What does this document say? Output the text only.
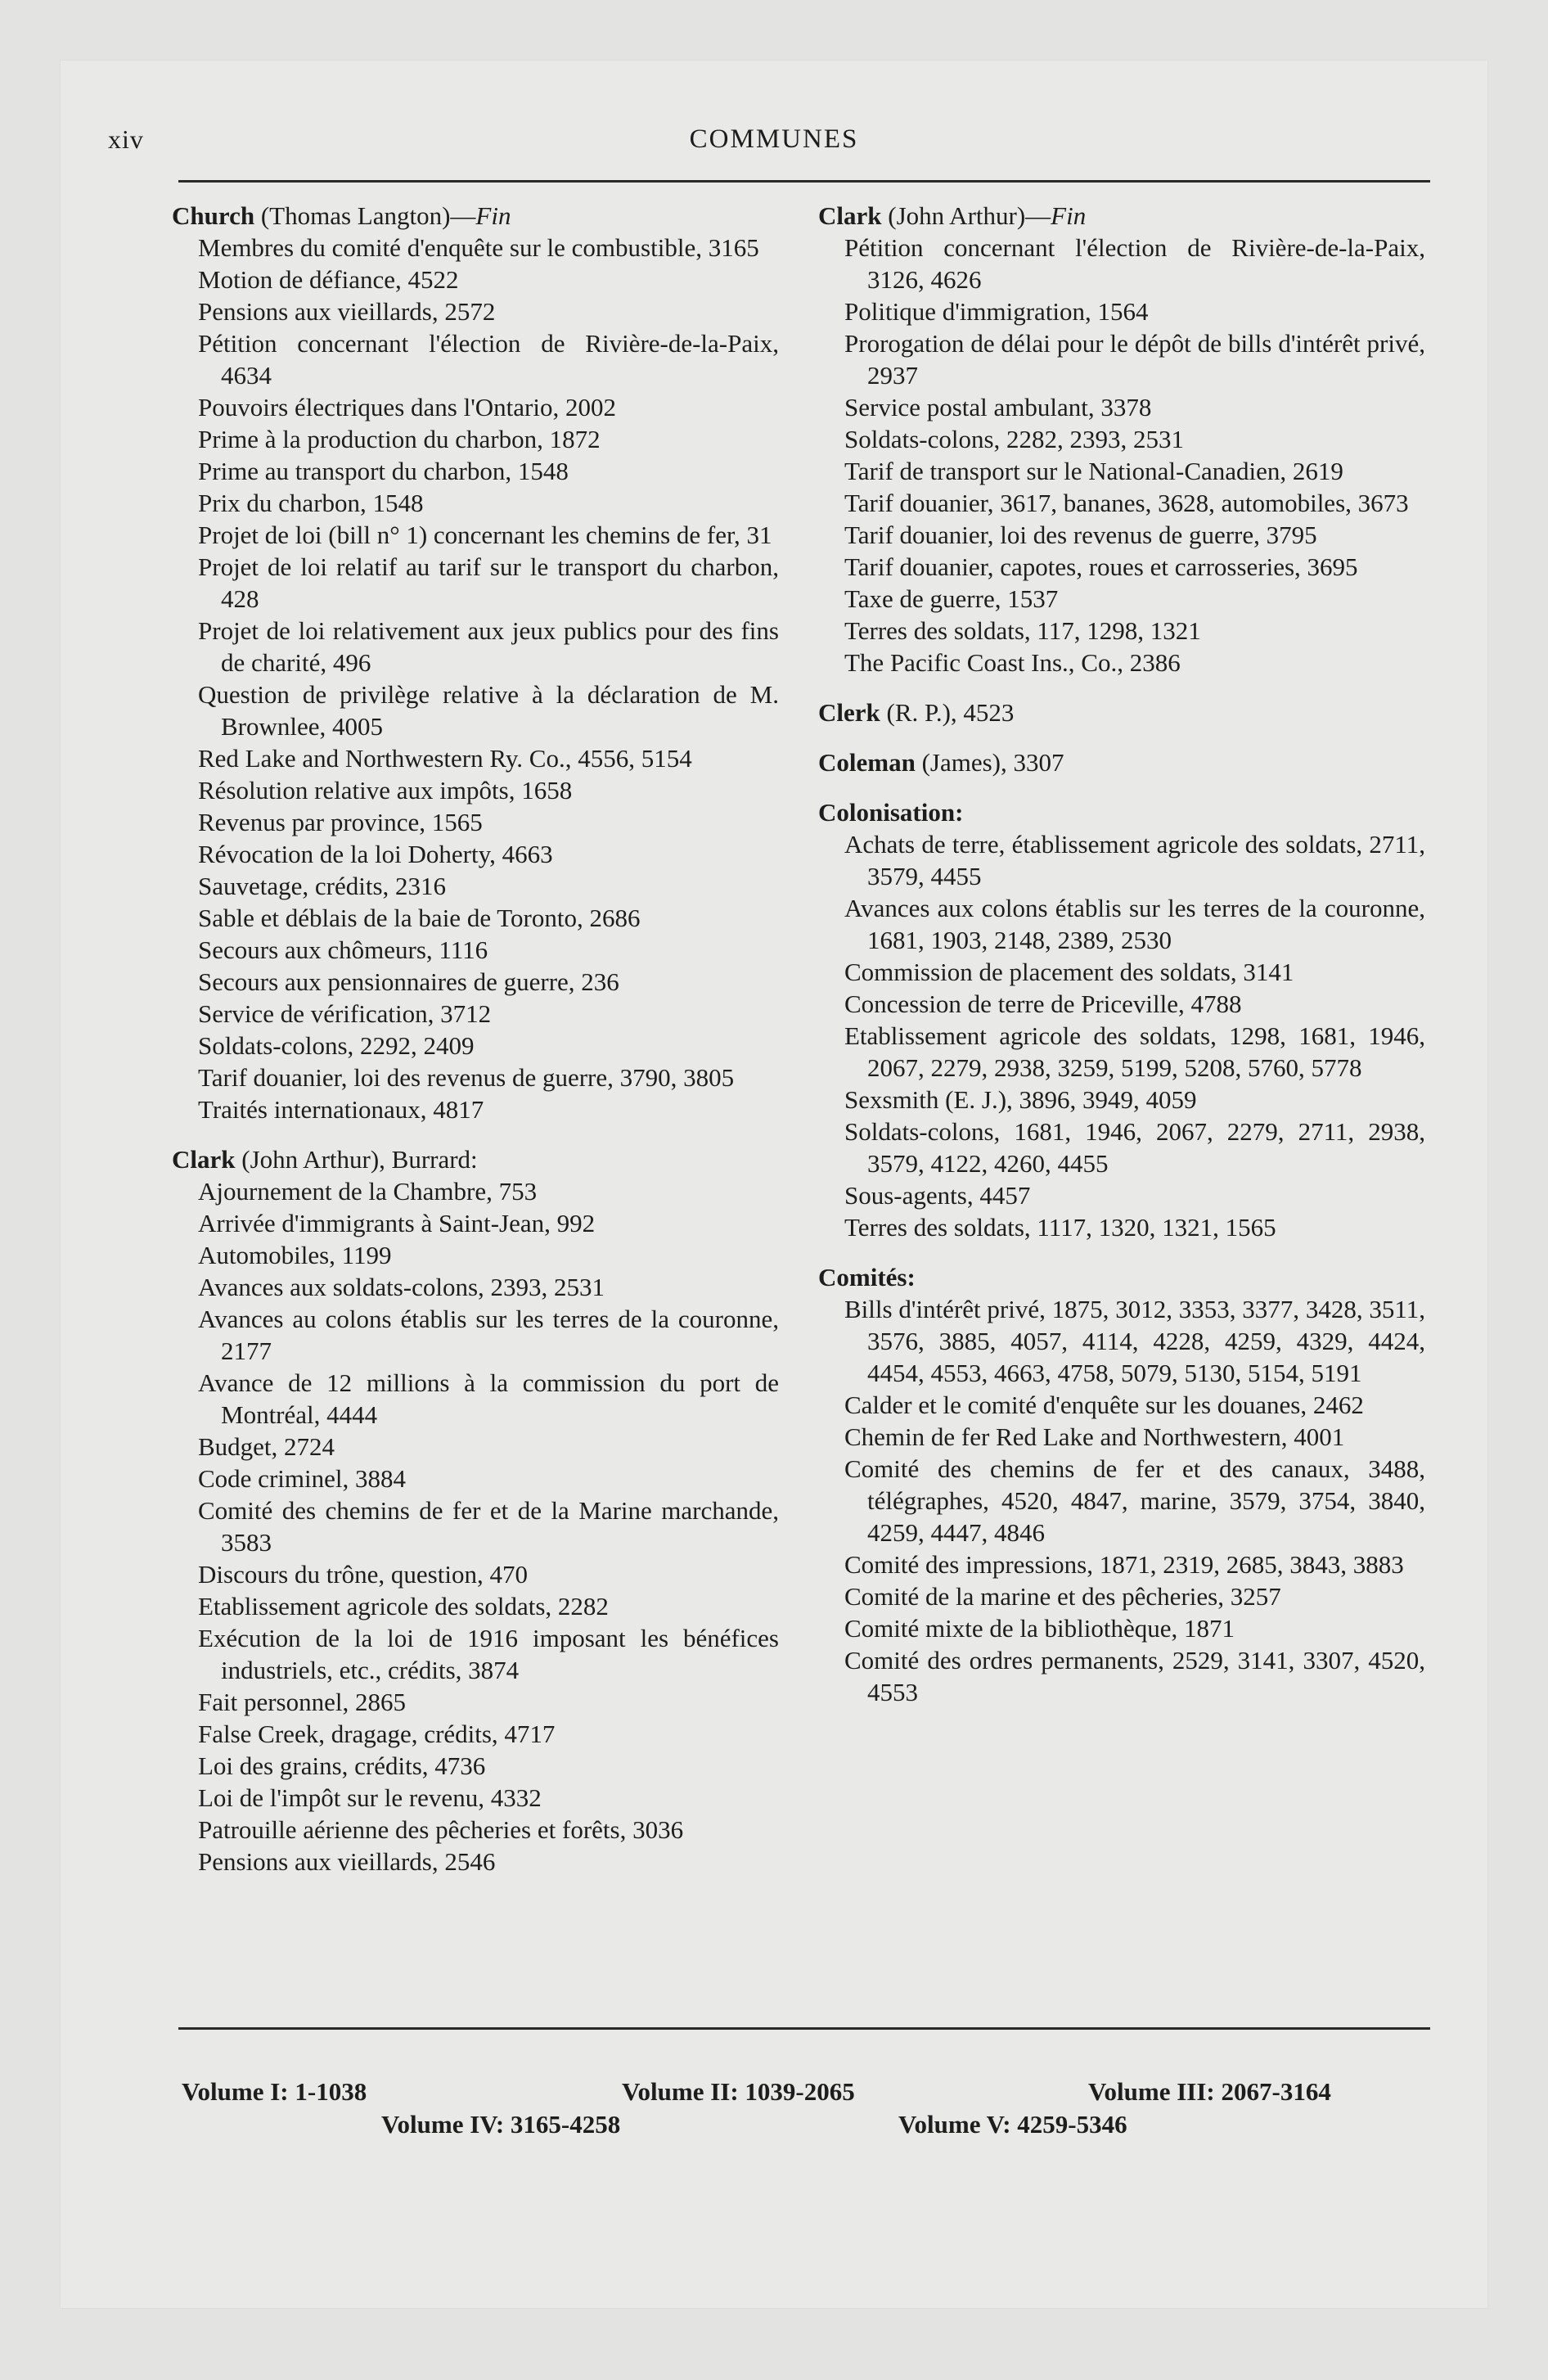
xiv	COMMUNES
Church (Thomas Langton)—Fin
Membres du comité d'enquête sur le combustible, 3165
Motion de défiance, 4522
Pensions aux vieillards, 2572
Pétition concernant l'élection de Rivière-de-la-Paix, 4634
Pouvoirs électriques dans l'Ontario, 2002
Prime à la production du charbon, 1872
Prime au transport du charbon, 1548
Prix du charbon, 1548
Projet de loi (bill n° 1) concernant les chemins de fer, 31
Projet de loi relatif au tarif sur le transport du charbon, 428
Projet de loi relativement aux jeux publics pour des fins de charité, 496
Question de privilège relative à la déclaration de M. Brownlee, 4005
Red Lake and Northwestern Ry. Co., 4556, 5154
Résolution relative aux impôts, 1658
Revenus par province, 1565
Révocation de la loi Doherty, 4663
Sauvetage, crédits, 2316
Sable et déblais de la baie de Toronto, 2686
Secours aux chômeurs, 1116
Secours aux pensionnaires de guerre, 236
Service de vérification, 3712
Soldats-colons, 2292, 2409
Tarif douanier, loi des revenus de guerre, 3790, 3805
Traités internationaux, 4817
Clark (John Arthur), Burrard:
Ajournement de la Chambre, 753
Arrivée d'immigrants à Saint-Jean, 992
Automobiles, 1199
Avances aux soldats-colons, 2393, 2531
Avances au colons établis sur les terres de la couronne, 2177
Avance de 12 millions à la commission du port de Montréal, 4444
Budget, 2724
Code criminel, 3884
Comité des chemins de fer et de la Marine marchande, 3583
Discours du trône, question, 470
Etablissement agricole des soldats, 2282
Exécution de la loi de 1916 imposant les bénéfices industriels, etc., crédits, 3874
Fait personnel, 2865
False Creek, dragage, crédits, 4717
Loi des grains, crédits, 4736
Loi de l'impôt sur le revenu, 4332
Patrouille aérienne des pêcheries et forêts, 3036
Pensions aux vieillards, 2546
Clark (John Arthur)—Fin
Pétition concernant l'élection de Rivière-de-la-Paix, 3126, 4626
Politique d'immigration, 1564
Prorogation de délai pour le dépôt de bills d'intérêt privé, 2937
Service postal ambulant, 3378
Soldats-colons, 2282, 2393, 2531
Tarif de transport sur le National-Canadien, 2619
Tarif douanier, 3617, bananes, 3628, automobiles, 3673
Tarif douanier, loi des revenus de guerre, 3795
Tarif douanier, capotes, roues et carrosseries, 3695
Taxe de guerre, 1537
Terres des soldats, 117, 1298, 1321
The Pacific Coast Ins., Co., 2386
Clerk (R. P.), 4523
Coleman (James), 3307
Colonisation:
Achats de terre, établissement agricole des soldats, 2711, 3579, 4455
Avances aux colons établis sur les terres de la couronne, 1681, 1903, 2148, 2389, 2530
Commission de placement des soldats, 3141
Concession de terre de Priceville, 4788
Etablissement agricole des soldats, 1298, 1681, 1946, 2067, 2279, 2938, 3259, 5199, 5208, 5760, 5778
Sexsmith (E. J.), 3896, 3949, 4059
Soldats-colons, 1681, 1946, 2067, 2279, 2711, 2938, 3579, 4122, 4260, 4455
Sous-agents, 4457
Terres des soldats, 1117, 1320, 1321, 1565
Comités:
Bills d'intérêt privé, 1875, 3012, 3353, 3377, 3428, 3511, 3576, 3885, 4057, 4114, 4228, 4259, 4329, 4424, 4454, 4553, 4663, 4758, 5079, 5130, 5154, 5191
Calder et le comité d'enquête sur les douanes, 2462
Chemin de fer Red Lake and Northwestern, 4001
Comité des chemins de fer et des canaux, 3488, télégraphes, 4520, 4847, marine, 3579, 3754, 3840, 4259, 4447, 4846
Comité des impressions, 1871, 2319, 2685, 3843, 3883
Comité de la marine et des pêcheries, 3257
Comité mixte de la bibliothèque, 1871
Comité des ordres permanents, 2529, 3141, 3307, 4520, 4553
Volume I: 1-1038	Volume II: 1039-2065	Volume III: 2067-3164
Volume IV: 3165-4258	Volume V: 4259-5346
